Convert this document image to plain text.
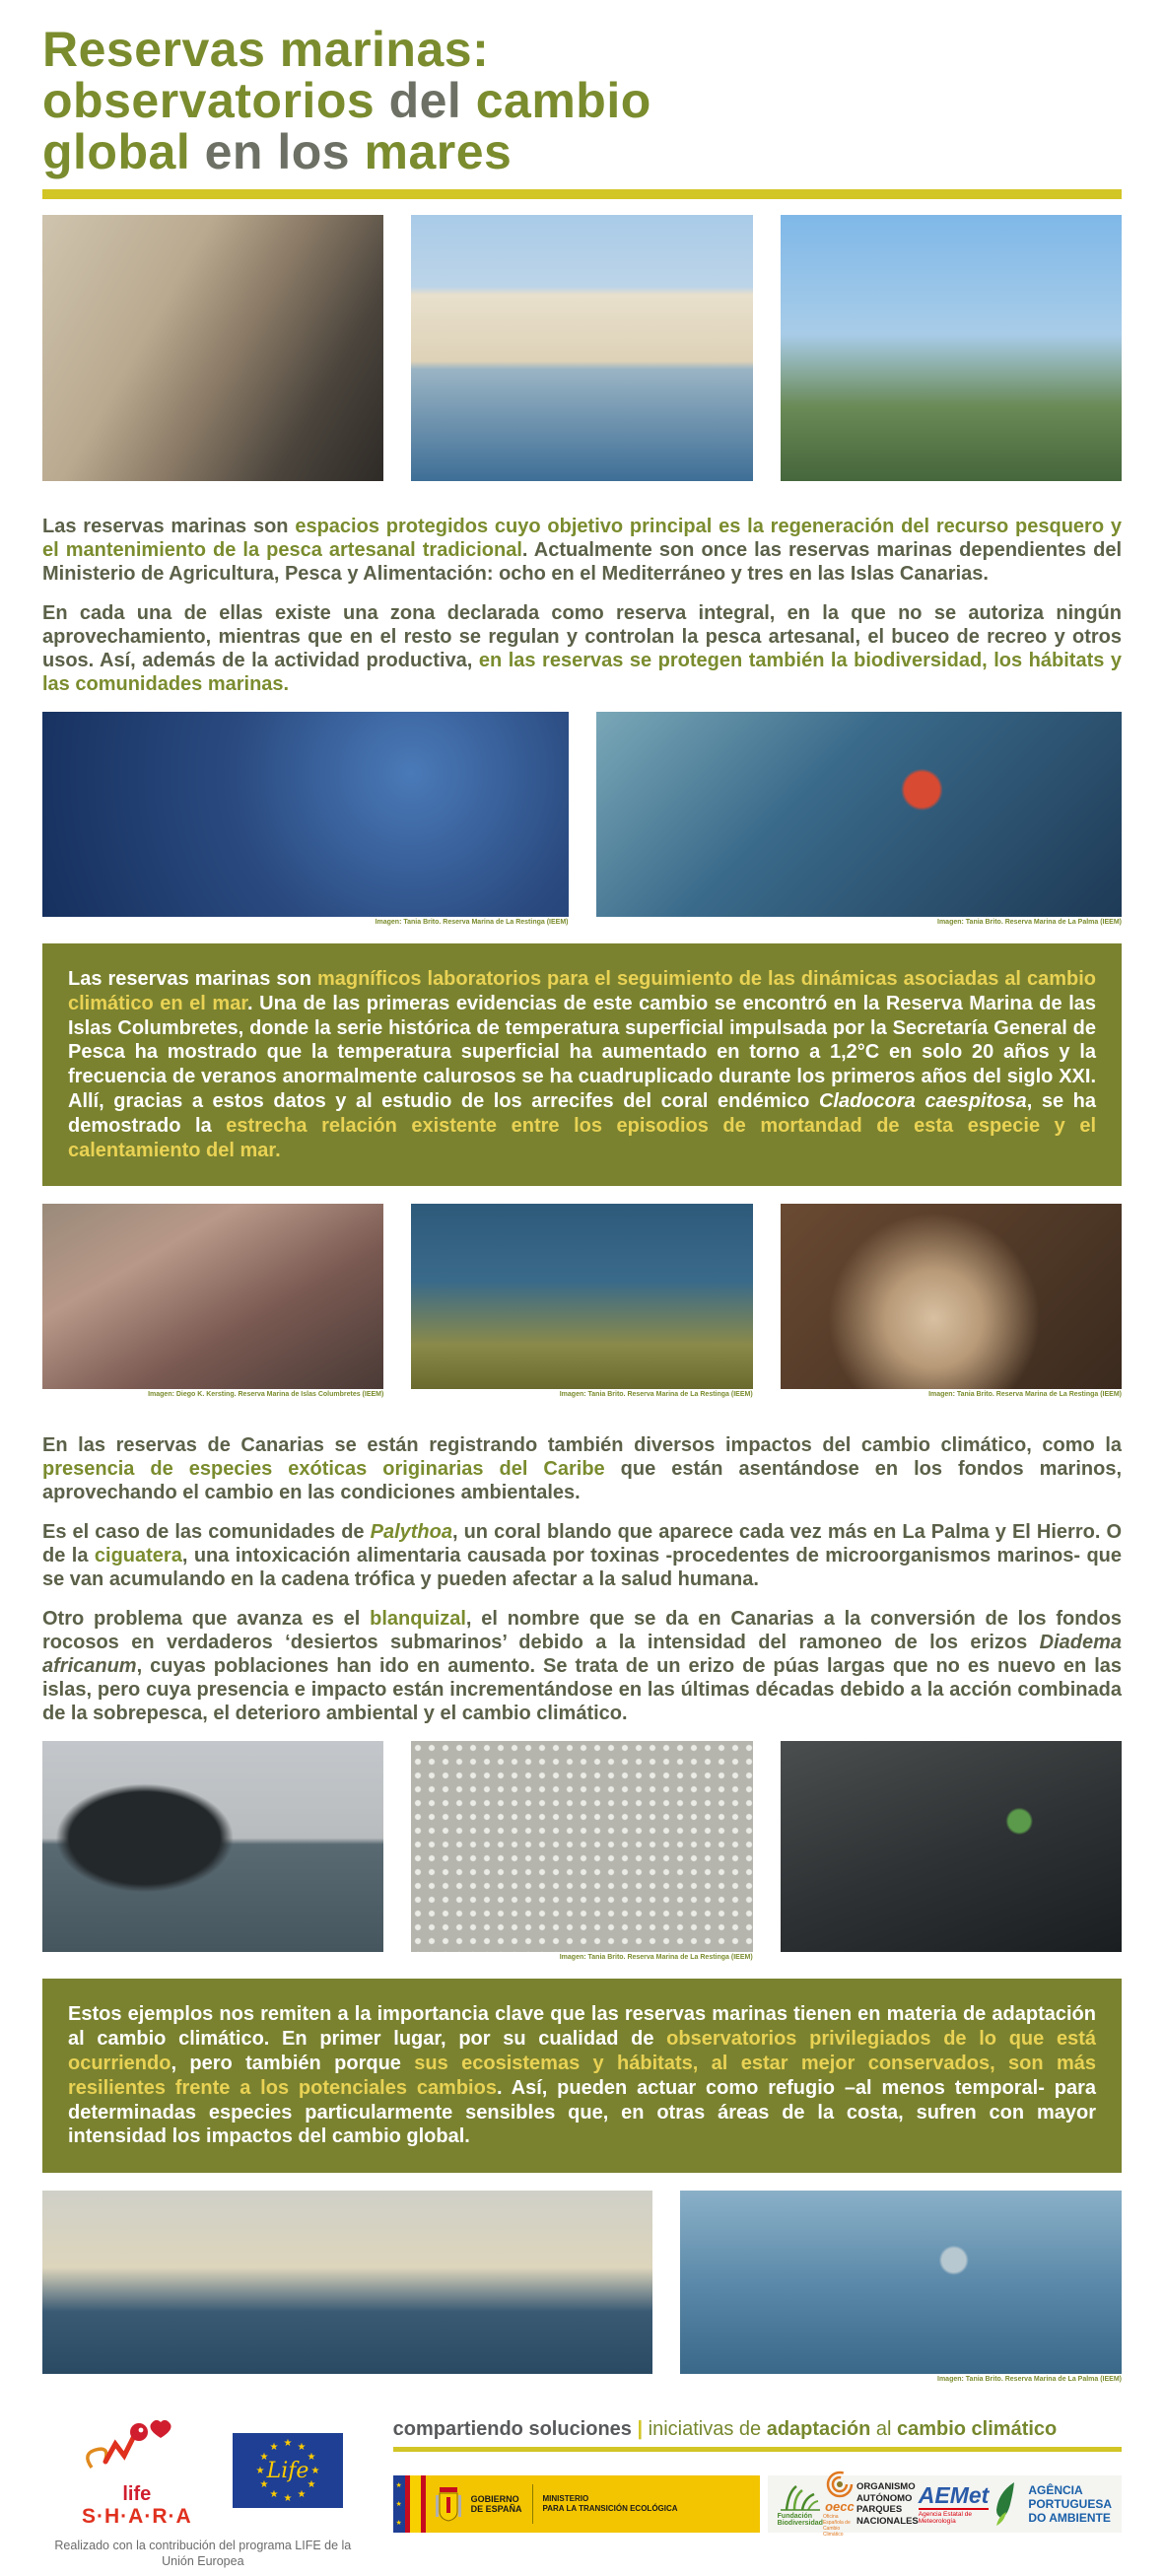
Reservas marinas:
observatorios del cambio
global en los mares

Las reservas marinas son espacios protegidos cuyo objetivo principal es la regeneración del recurso pesquero y el mantenimiento de la pesca artesanal tradicional. Actualmente son once las reservas marinas dependientes del Ministerio de Agricultura, Pesca y Alimentación: ocho en el Mediterráneo y tres en las Islas Canarias.

En cada una de ellas existe una zona declarada como reserva integral, en la que no se autoriza ningún aprovechamiento, mientras que en el resto se regulan y controlan la pesca artesanal, el buceo de recreo y otros usos. Así, además de la actividad productiva, en las reservas se protegen también la biodiversidad, los hábitats y las comunidades marinas.

Imagen: Tania Brito. Reserva Marina de La Restinga (IEEM)	Imagen: Tania Brito. Reserva Marina de La Palma (IEEM)

Las reservas marinas son magníficos laboratorios para el seguimiento de las dinámicas asociadas al cambio climático en el mar. Una de las primeras evidencias de este cambio se encontró en la Reserva Marina de las Islas Columbretes, donde la serie histórica de temperatura superficial impulsada por la Secretaría General de Pesca ha mostrado que la temperatura superficial ha aumentado en torno a 1,2°C en solo 20 años y la frecuencia de veranos anormalmente calurosos se ha cuadruplicado durante los primeros años del siglo XXI. Allí, gracias a estos datos y al estudio de los arrecifes del coral endémico Cladocora caespitosa, se ha demostrado la estrecha relación existente entre los episodios de mortandad de esta especie y el calentamiento del mar.

Imagen: Diego K. Kersting. Reserva Marina de Islas Columbretes (IEEM)	Imagen: Tania Brito. Reserva Marina de La Restinga (IEEM)	Imagen: Tania Brito. Reserva Marina de La Restinga (IEEM)

En las reservas de Canarias se están registrando también diversos impactos del cambio climático, como la presencia de especies exóticas originarias del Caribe que están asentándose en los fondos marinos, aprovechando el cambio en las condiciones ambientales.

Es el caso de las comunidades de Palythoa, un coral blando que aparece cada vez más en La Palma y El Hierro. O de la ciguatera, una intoxicación alimentaria causada por toxinas -procedentes de microorganismos marinos- que se van acumulando en la cadena trófica y pueden afectar a la salud humana.

Otro problema que avanza es el blanquizal, el nombre que se da en Canarias a la conversión de los fondos rocosos en verdaderos ‘desiertos submarinos’ debido a la intensidad del ramoneo de los erizos Diadema africanum, cuyas poblaciones han ido en aumento. Se trata de un erizo de púas largas que no es nuevo en las islas, pero cuya presencia e impacto están incrementándose en las últimas décadas debido a la acción combinada de la sobrepesca, el deterioro ambiental y el cambio climático.

Imagen: Tania Brito. Reserva Marina de La Restinga (IEEM)

Estos ejemplos nos remiten a la importancia clave que las reservas marinas tienen en materia de adaptación al cambio climático. En primer lugar, por su cualidad de observatorios privilegiados de lo que está ocurriendo, pero también porque sus ecosistemas y hábitats, al estar mejor conservados, son más resilientes frente a los potenciales cambios. Así, pueden actuar como refugio –al menos temporal- para determinadas especies particularmente sensibles que, en otras áreas de la costa, sufren con mayor intensidad los impactos del cambio global.

Imagen: Tania Brito. Reserva Marina de La Palma (IEEM)
life
S·H·A·R·A
★ ★
★
★
★
★
★
★
★
★
★
★
Life

Realizado con la contribución del programa LIFE de la Unión Europea

compartiendo soluciones | iniciativas de adaptación al cambio climático

★
★
★
GOBIERNO
DE ESPAÑA
MINISTERIO
PARA LA TRANSICIÓN ECOLÓGICA
Fundación Biodiversidad
oecc
Oficina Española de Cambio Climático
ORGANISMO
AUTÓNOMO
PARQUES
NACIONALES
AEMet
Agencia Estatal de Meteorología
AGÊNCIA
PORTUGUESA
DO AMBIENTE
